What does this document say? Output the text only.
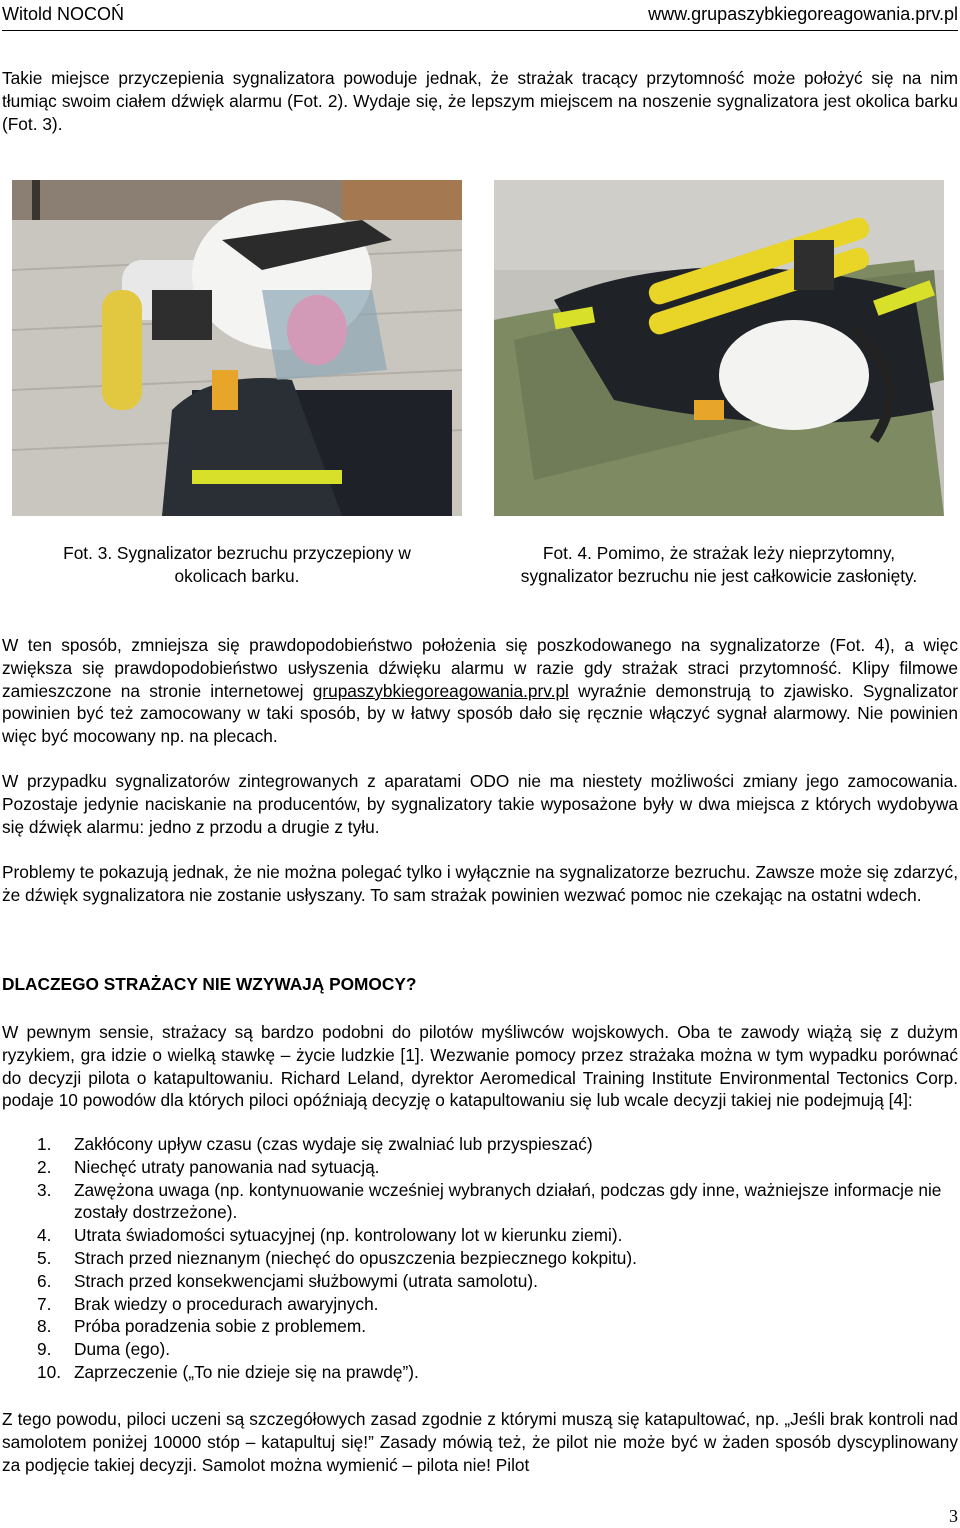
Witold NOCOŃ	www.grupaszybkiegoreagowania.prv.pl

Takie miejsce przyczepienia sygnalizatora powoduje jednak, że strażak tracący przytomność może położyć się na nim tłumiąc swoim ciałem dźwięk alarmu (Fot. 2). Wydaje się, że lepszym miejscem na noszenie sygnalizatora jest okolica barku (Fot. 3).

Fot. 3. Sygnalizator bezruchu przyczepiony w
okolicach barku.
Fot. 4. Pomimo, że strażak leży nieprzytomny,
sygnalizator bezruchu nie jest całkowicie zasłonięty.

W ten sposób, zmniejsza się prawdopodobieństwo położenia się poszkodowanego na sygnalizatorze (Fot. 4), a więc zwiększa się prawdopodobieństwo usłyszenia dźwięku alarmu w razie gdy strażak straci przytomność. Klipy filmowe zamieszczone na stronie internetowej grupaszybkiegoreagowania.prv.pl wyraźnie demonstrują to zjawisko. Sygnalizator powinien być też zamocowany w taki sposób, by w łatwy sposób dało się ręcznie włączyć sygnał alarmowy. Nie powinien więc być mocowany np. na plecach.

W przypadku sygnalizatorów zintegrowanych z aparatami ODO nie ma niestety możliwości zmiany jego zamocowania. Pozostaje jedynie naciskanie na producentów, by sygnalizatory takie wyposażone były w dwa miejsca z których wydobywa się dźwięk alarmu: jedno z przodu a drugie z tyłu.

Problemy te pokazują jednak, że nie można polegać tylko i wyłącznie na sygnalizatorze bezruchu. Zawsze może się zdarzyć, że dźwięk sygnalizatora nie zostanie usłyszany. To sam strażak powinien wezwać pomoc nie czekając na ostatni wdech.

DLACZEGO STRAŻACY NIE WZYWAJĄ POMOCY?

W pewnym sensie, strażacy są bardzo podobni do pilotów myśliwców wojskowych. Oba te zawody wiążą się z dużym ryzykiem, gra idzie o wielką stawkę – życie ludzkie [1]. Wezwanie pomocy przez strażaka można w tym wypadku porównać do decyzji pilota o katapultowaniu. Richard Leland, dyrektor Aeromedical Training Institute Environmental Tectonics Corp. podaje 10 powodów dla których piloci opóźniają decyzję o katapultowaniu się lub wcale decyzji takiej nie podejmują [4]:

1. Zakłócony upływ czasu (czas wydaje się zwalniać lub przyspieszać)
2. Niechęć utraty panowania nad sytuacją.
3. Zawężona uwaga (np. kontynuowanie wcześniej wybranych działań, podczas gdy inne, ważniejsze informacje nie zostały dostrzeżone).
4. Utrata świadomości sytuacyjnej (np. kontrolowany lot w kierunku ziemi).
5. Strach przed nieznanym (niechęć do opuszczenia bezpiecznego kokpitu).
6. Strach przed konsekwencjami służbowymi (utrata samolotu).
7. Brak wiedzy o procedurach awaryjnych.
8. Próba poradzenia sobie z problemem.
9. Duma (ego).
10. Zaprzeczenie („To nie dzieje się na prawdę”).

Z tego powodu, piloci uczeni są szczegółowych zasad zgodnie z którymi muszą się katapultować, np. „Jeśli brak kontroli nad samolotem poniżej 10000 stóp – katapultuj się!” Zasady mówią też, że pilot nie może być w żaden sposób dyscyplinowany za podjęcie takiej decyzji. Samolot można wymienić – pilota nie! Pilot

3
